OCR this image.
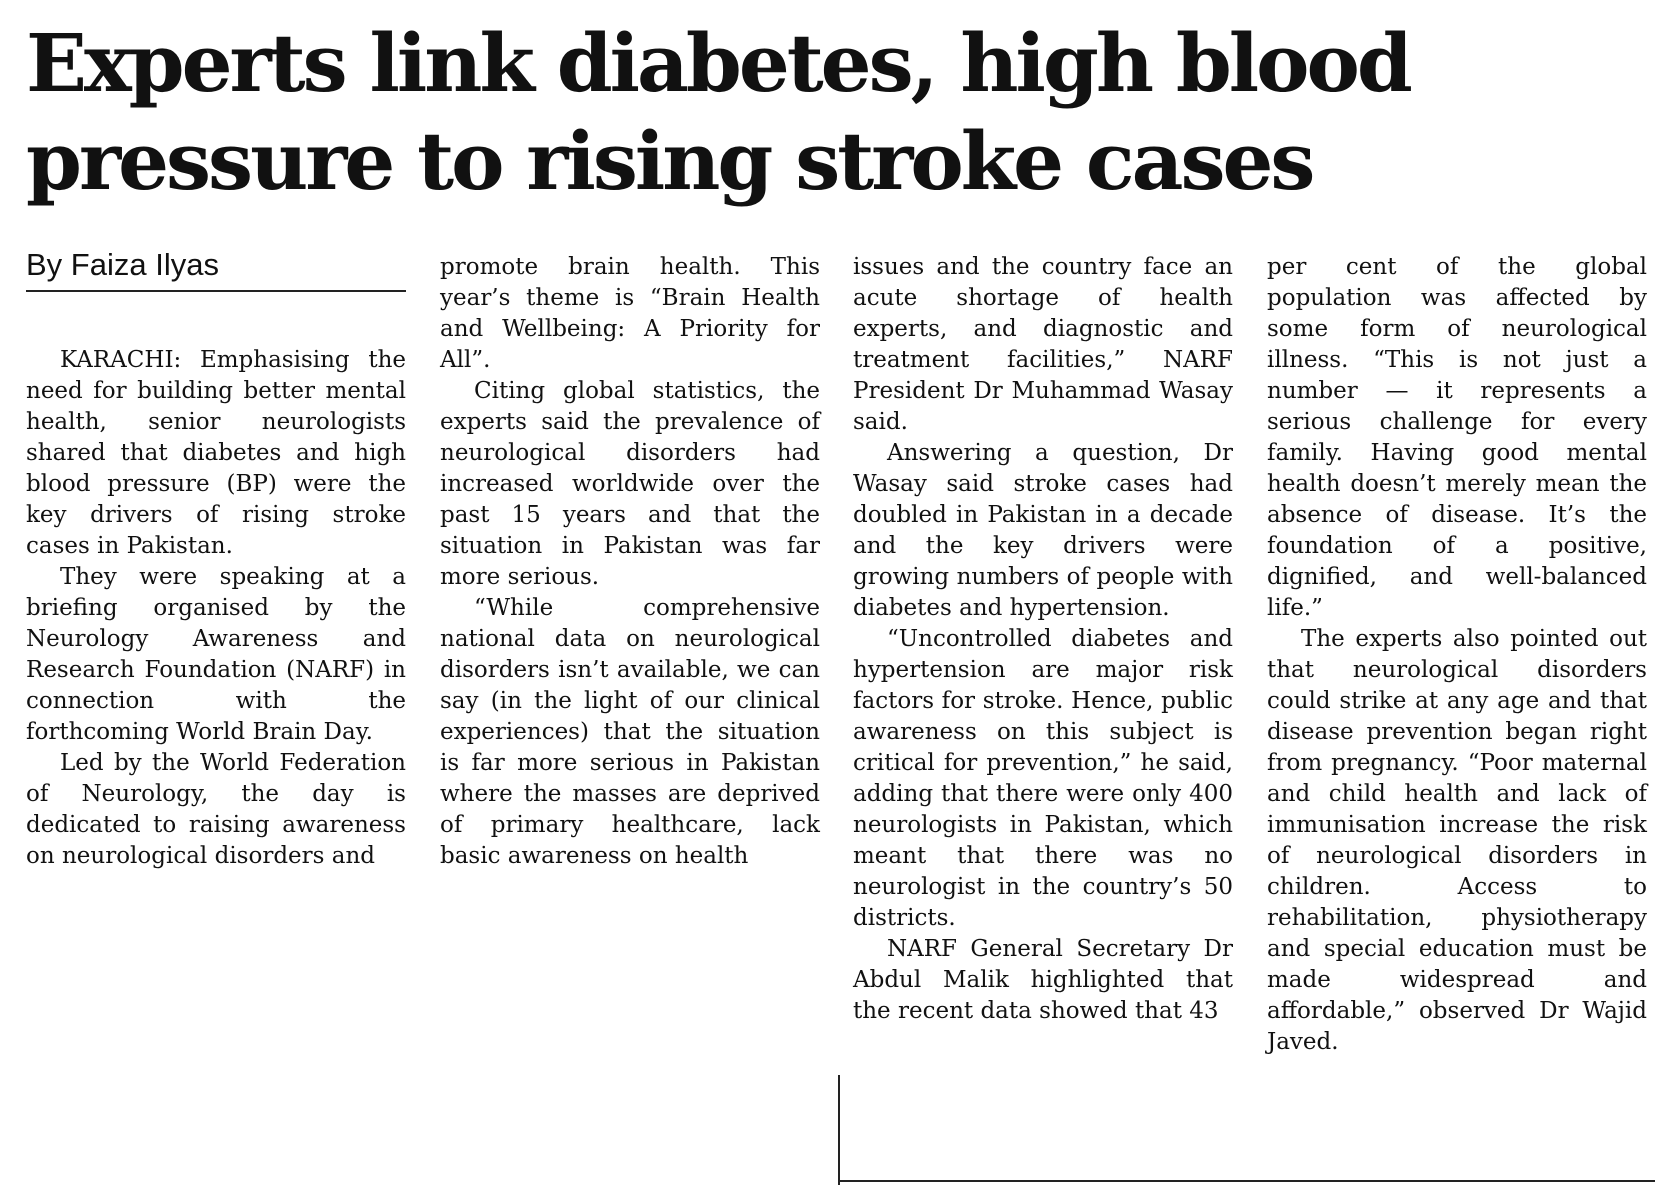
Experts link diabetes, high blood pressure to rising stroke cases
By Faiza Ilyas

KARACHI: Emphasising the need for building better mental health, senior neurologists shared that diabetes and high blood pressure (BP) were the key drivers of rising stroke cases in Pakistan.

They were speaking at a briefing organised by the Neurology Awareness and Research Foundation (NARF) in connection with the forthcoming World Brain Day.

Led by the World Federation of Neurology, the day is dedicated to raising awareness on neurological disorders and

promote brain health. This year’s theme is “Brain Health and Wellbeing: A Priority for All”.

Citing global statistics, the experts said the prevalence of neurological disorders had increased worldwide over the past 15 years and that the situation in Pakistan was far more serious.

“While comprehensive national data on neurological disorders isn’t available, we can say (in the light of our clinical experiences) that the situation is far more serious in Pakistan where the masses are deprived of primary healthcare, lack basic awareness on health

issues and the country face an acute shortage of health experts, and diagnostic and treatment facilities,” NARF President Dr Muhammad Wasay said.

Answering a question, Dr Wasay said stroke cases had doubled in Pakistan in a decade and the key drivers were growing numbers of people with diabetes and hypertension.

“Uncontrolled diabetes and hypertension are major risk factors for stroke. Hence, public awareness on this subject is critical for prevention,” he said, adding that there were only 400 neurologists in Pakistan, which meant that there was no neurologist in the country’s 50 districts.

NARF General Secretary Dr Abdul Malik highlighted that the recent data showed that 43

per cent of the global population was affected by some form of neurological illness. “This is not just a number — it represents a serious challenge for every family. Having good mental health doesn’t merely mean the absence of disease. It’s the foundation of a positive, dignified, and well-balanced life.”

The experts also pointed out that neurological disorders could strike at any age and that disease prevention began right from pregnancy. “Poor maternal and child health and lack of immunisation increase the risk of neurological disorders in children. Access to rehabilitation, physiotherapy and special education must be made widespread and affordable,” observed Dr Wajid Javed.
